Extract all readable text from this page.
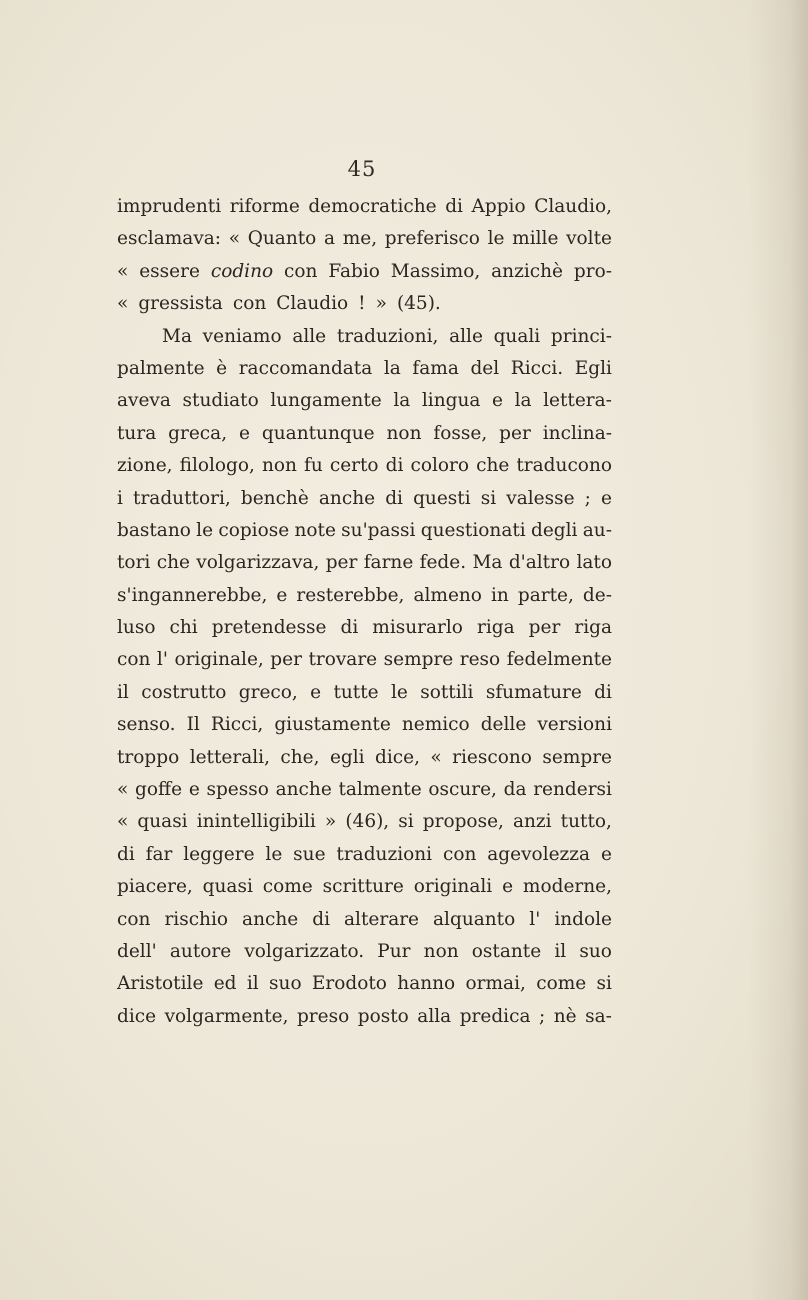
45
imprudenti riforme democratiche di Appio Claudio,
esclamava: « Quanto a me, preferisco le mille volte
« essere codino con Fabio Massimo, anzichè pro-
« gressista con Claudio ! » (45).
Ma veniamo alle traduzioni, alle quali princi-
palmente è raccomandata la fama del Ricci. Egli
aveva studiato lungamente la lingua e la lettera-
tura greca, e quantunque non fosse, per inclina-
zione, filologo, non fu certo di coloro che traducono
i traduttori, benchè anche di questi si valesse ; e
bastano le copiose note su'passi questionati degli au-
tori che volgarizzava, per farne fede. Ma d'altro lato
s'ingannerebbe, e resterebbe, almeno in parte, de-
luso chi pretendesse di misurarlo riga per riga
con l' originale, per trovare sempre reso fedelmente
il costrutto greco, e tutte le sottili sfumature di
senso. Il Ricci, giustamente nemico delle versioni
troppo letterali, che, egli dice, « riescono sempre
« goffe e spesso anche talmente oscure, da rendersi
« quasi inintelligibili » (46), si propose, anzi tutto,
di far leggere le sue traduzioni con agevolezza e
piacere, quasi come scritture originali e moderne,
con rischio anche di alterare alquanto l' indole
dell' autore volgarizzato. Pur non ostante il suo
Aristotile ed il suo Erodoto hanno ormai, come si
dice volgarmente, preso posto alla predica ; nè sa-
